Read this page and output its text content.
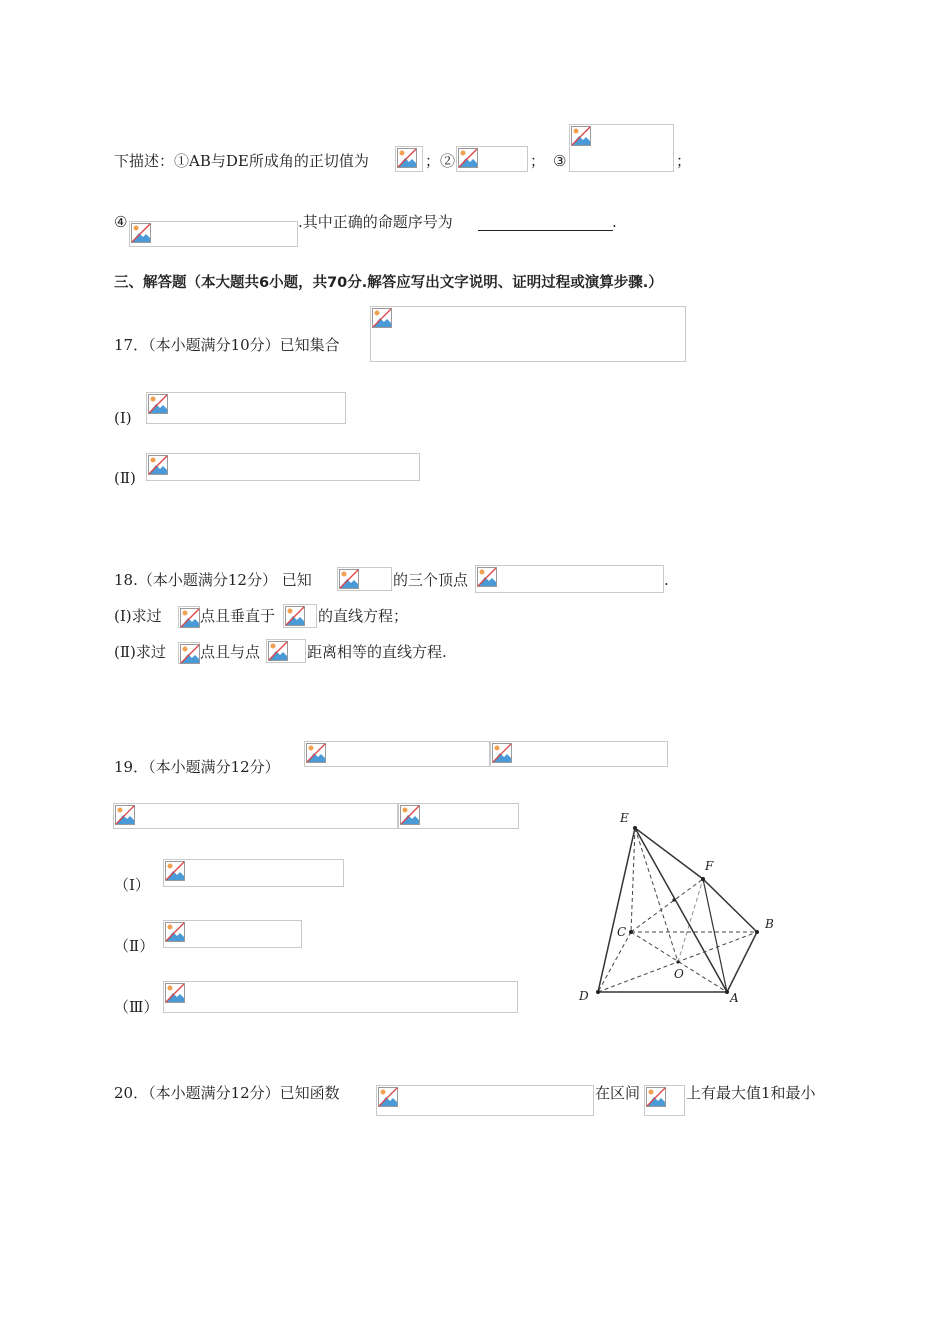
下描述：①AB与DE所成角的正切值为	；②	； ③	；
④	.其中正确的命题序号为	.
三、解答题（本大题共6小题，共70分.解答应写出文字说明、证明过程或演算步骤.）
17．（本小题满分10分）已知集合
(Ⅰ)
(Ⅱ)
18.（本小题满分12分） 已知	的三个顶点	.
(Ⅰ)求过	点且垂直于	的直线方程；
(Ⅱ)求过 点且与点	距离相等的直线方程.
19．（本小题满分12分）
（Ⅰ）
（Ⅱ）
（Ⅲ）
E
F
C
B
O
D	A
20．（本小题满分12分）已知函数	在区间	上有最大值1和最小
